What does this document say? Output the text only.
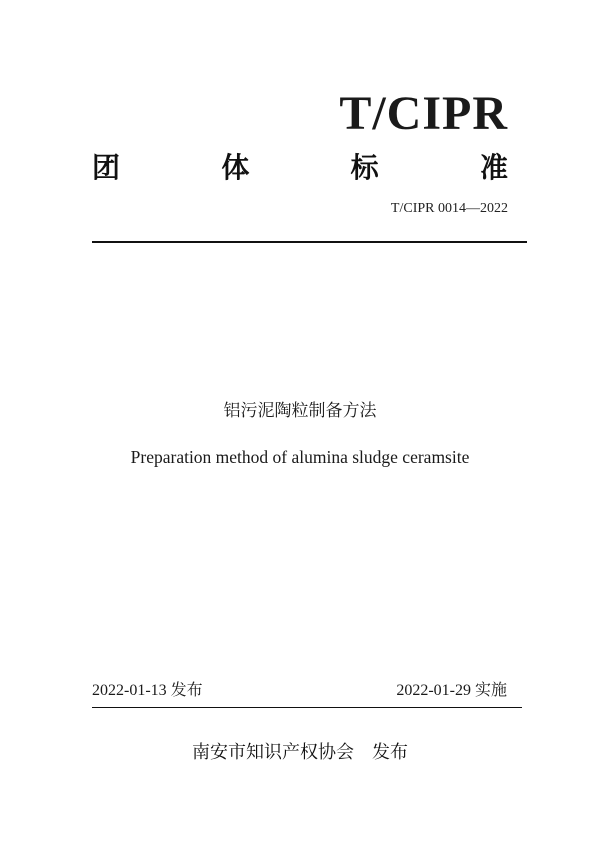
T/CIPR
团	体	标	准
T/CIPR 0014—2022
铝污泥陶粒制备方法
Preparation method of alumina sludge ceramsite
2022-01-13 发布	2022-01-29 实施
南安市知识产权协会　发布
